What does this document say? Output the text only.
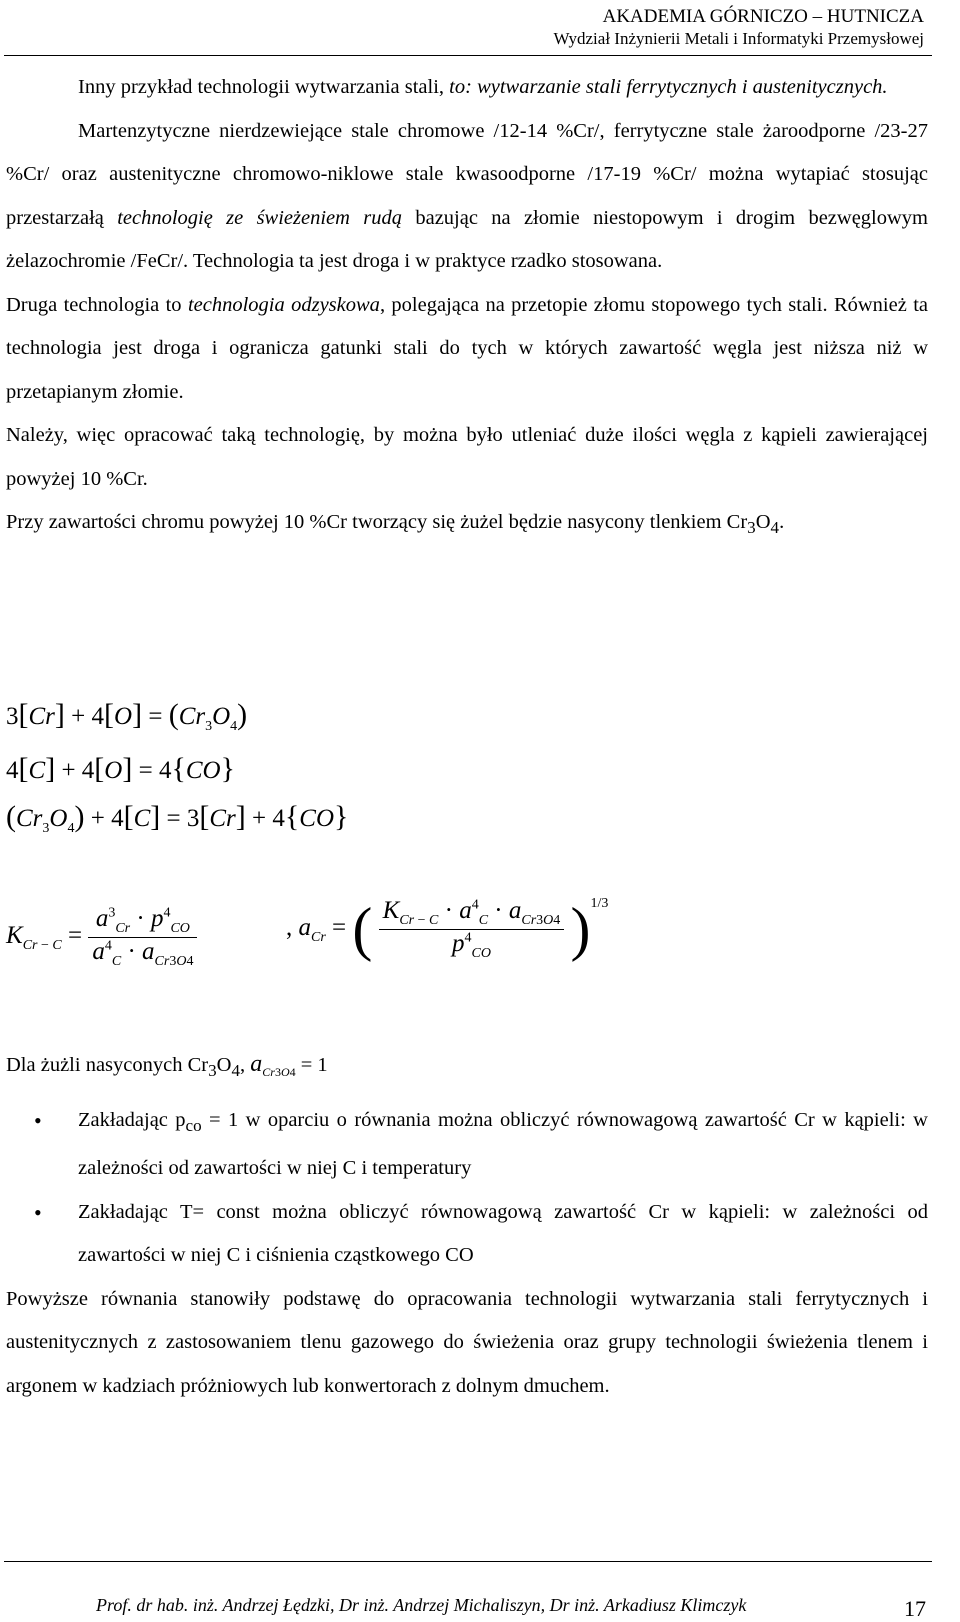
AKADEMIA GÓRNICZO – HUTNICZA
Wydział Inżynierii Metali i Informatyki Przemysłowej

Inny przykład technologii wytwarzania stali, to: wytwarzanie stali ferrytycznych i austenitycznych.

Martenzytyczne nierdzewiejące stale chromowe /12-14 %Cr/, ferrytyczne stale żaroodporne /23-27 %Cr/ oraz austenityczne chromowo-niklowe stale kwasoodporne /17-19 %Cr/ można wytapiać stosując przestarzałą technologię ze świeżeniem rudą bazując na złomie niestopowym i drogim bezwęglowym żelazochromie /FeCr/. Technologia ta jest droga i w praktyce rzadko stosowana.

Druga technologia to technologia odzyskowa, polegająca na przetopie złomu stopowego tych stali. Również ta technologia jest droga i ogranicza gatunki stali do tych w których zawartość węgla jest niższa niż w przetapianym złomie.

Należy, więc opracować taką technologię, by można było utleniać duże ilości węgla z kąpieli zawierającej powyżej 10 %Cr.

Przy zawartości chromu powyżej 10 %Cr tworzący się żużel będzie nasycony tlenkiem $Cr_3O_4$.

$3[Cr] + 4[O] = (Cr_3O_4)$
4[C] + 4[O] = 4{CO}
$(Cr_3O_4) + 4[C] = 3[Cr] + 4\{CO\}$
$K_{Cr - C} = \frac{a^3_{Cr} \cdot p^4_{CO}}{a^4_C \cdot a_{Cr3O4}}$	, $a_{Cr}$ = ( $\frac{K_{Cr - C} \cdot a^4_C \cdot a_{Cr3O4}}{p^4_{CO}} )^{1/3}$

Dla żużli nasyconych $Cr_3O_4$, $a_{Cr3O4} = 1$

• Zakładając $p_{co} = 1$ w oparciu o równania można obliczyć równowagową zawartość Cr w kąpieli: w zależności od zawartości w niej C i temperatury
• Zakładając T= const można obliczyć równowagową zawartość Cr w kąpieli: w zależności od zawartości w niej C i ciśnienia cząstkowego CO

Powyższe równania stanowiły podstawę do opracowania technologii wytwarzania stali ferrytycznych i austenitycznych z zastosowaniem tlenu gazowego do świeżenia oraz grupy technologii świeżenia tlenem i argonem w kadziach próżniowych lub konwertorach z dolnym dmuchem.

Prof. dr hab. inż. Andrzej Łędzki, Dr inż. Andrzej Michaliszyn, Dr inż. Arkadiusz Klimczyk	17
